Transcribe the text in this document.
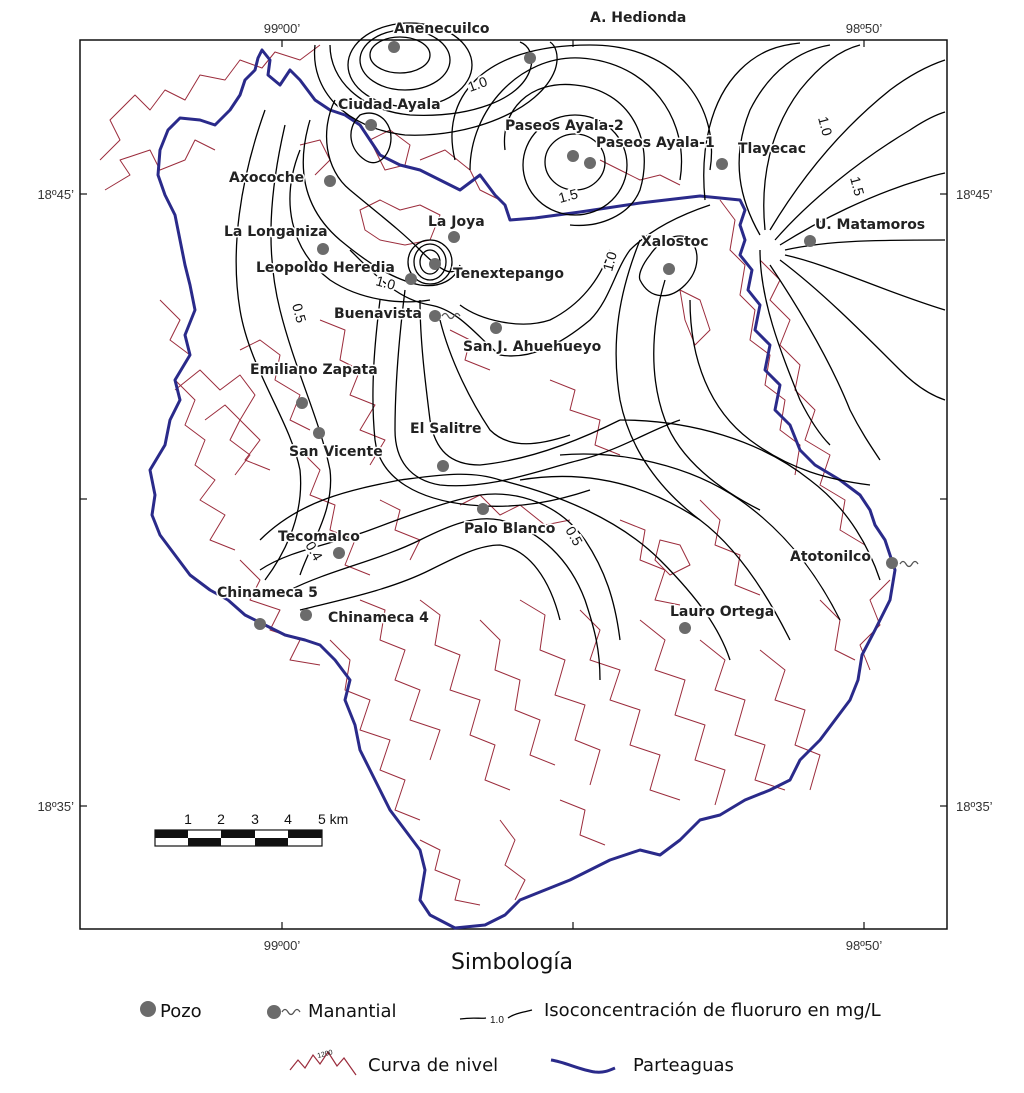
99º00’	98º50’
99º00’	98º50’
18º45’
18º35’
18º45’
18º35’
1.0
1.5
1.0
1.5
1.0
1.0
0.5
0.4
0.5
Anenecuilco
A. Hedionda
Ciudad Ayala
Paseos Ayala-2
Paseos Ayala-1 Tlayecac
Axocoche
La Joya	U. Matamoros
La Longaniza
Xalostoc
Leopoldo Heredia	Tenextepango
Buenavista
San J. Ahuehueyo
Emiliano Zapata
El Salitre
San Vicente
Palo Blanco
Tecomalco
Atotonilco
Chinameca 5
Chinameca 4	Lauro Ortega
1 2 3 4 5 km
1.0
1200
Simbología
Pozo	Manantial	Isoconcentración de fluoruro en mg/L
Curva de nivel	Parteaguas
